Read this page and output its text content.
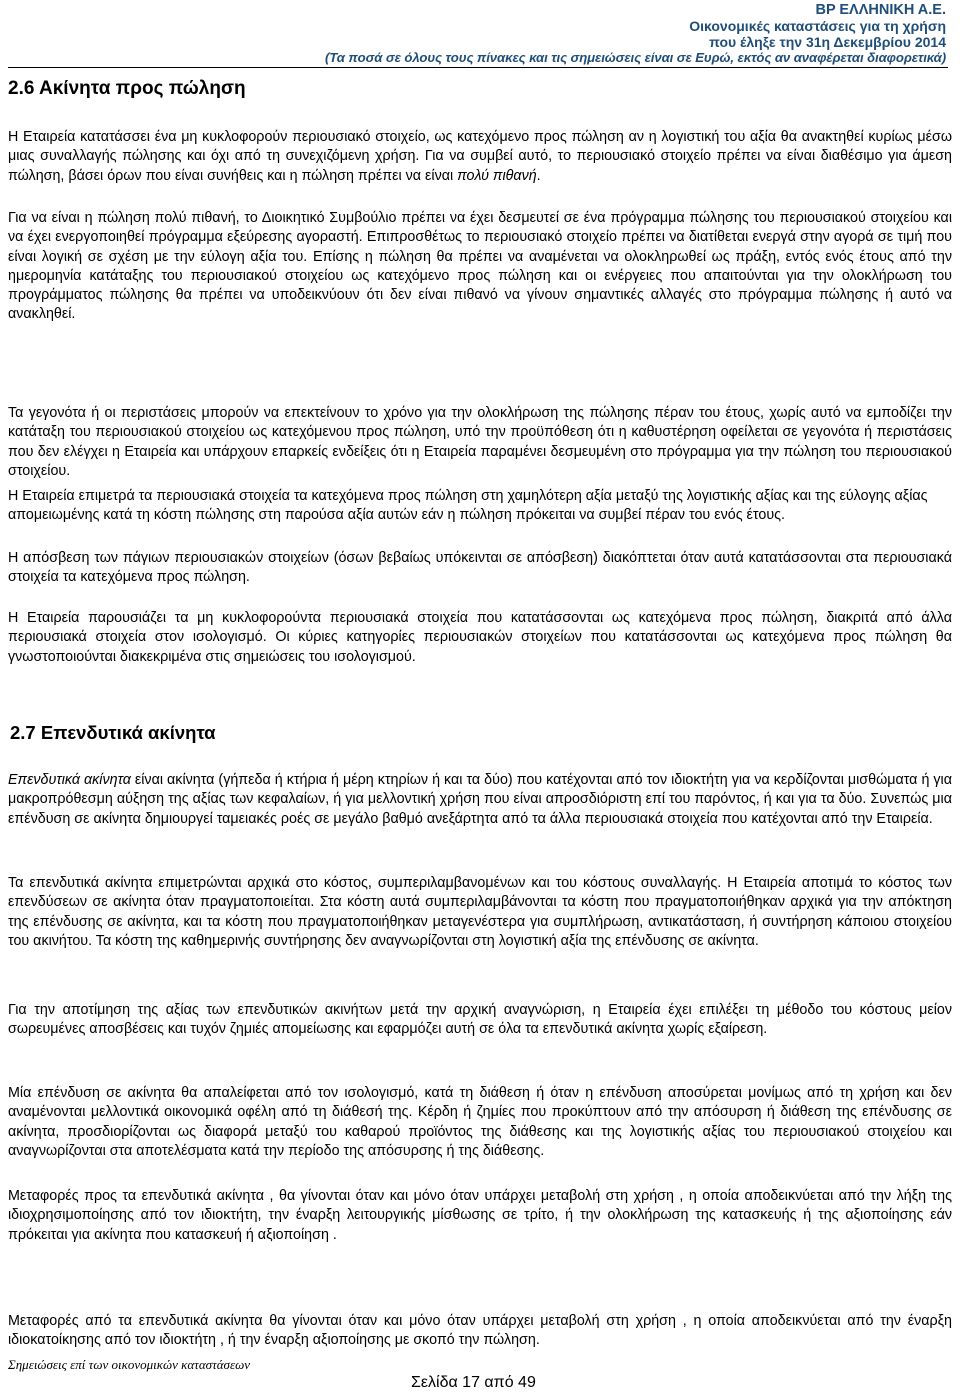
BP ΕΛΛΗΝΙΚΗ Α.Ε.
Οικονομικές καταστάσεις για τη χρήση
που έληξε την 31η Δεκεμβρίου 2014
(Τα ποσά σε όλους τους πίνακες και τις σημειώσεις είναι σε Ευρώ, εκτός αν αναφέρεται διαφορετικά)
2.6 Ακίνητα προς πώληση

Η Εταιρεία κατατάσσει ένα μη κυκλοφορούν περιουσιακό στοιχείο, ως κατεχόμενο προς πώληση αν η λογιστική του αξία θα ανακτηθεί κυρίως μέσω μιας συναλλαγής πώλησης και όχι από τη συνεχιζόμενη χρήση. Για να συμβεί αυτό, το περιουσιακό στοιχείο πρέπει να είναι διαθέσιμο για άμεση πώληση, βάσει όρων που είναι συνήθεις και η πώληση πρέπει να είναι πολύ πιθανή.

Για να είναι η πώληση πολύ πιθανή, το Διοικητικό Συμβούλιο πρέπει να έχει δεσμευτεί σε ένα πρόγραμμα πώλησης του περιουσιακού στοιχείου και να έχει ενεργοποιηθεί πρόγραμμα εξεύρεσης αγοραστή. Επιπροσθέτως το περιουσιακό στοιχείο πρέπει να διατίθεται ενεργά στην αγορά σε τιμή που είναι λογική σε σχέση με την εύλογη αξία του. Επίσης η πώληση θα πρέπει να αναμένεται να ολοκληρωθεί ως πράξη, εντός ενός έτους από την ημερομηνία κατάταξης του περιουσιακού στοιχείου ως κατεχόμενο προς πώληση και οι ενέργειες που απαιτούνται για την ολοκλήρωση του προγράμματος πώλησης θα πρέπει να υποδεικνύουν ότι δεν είναι πιθανό να γίνουν σημαντικές αλλαγές στο πρόγραμμα πώλησης ή αυτό να ανακληθεί.

Τα γεγονότα ή οι περιστάσεις μπορούν να επεκτείνουν το χρόνο για την ολοκλήρωση της πώλησης πέραν του έτους, χωρίς αυτό να εμποδίζει την κατάταξη του περιουσιακού στοιχείου ως κατεχόμενου προς πώληση, υπό την προϋπόθεση ότι η καθυστέρηση οφείλεται σε γεγονότα ή περιστάσεις που δεν ελέγχει η Εταιρεία και υπάρχουν επαρκείς ενδείξεις ότι η Εταιρεία παραμένει δεσμευμένη στο πρόγραμμα για την πώληση του περιουσιακού στοιχείου.

Η Εταιρεία επιμετρά τα περιουσιακά στοιχεία τα κατεχόμενα προς πώληση στη χαμηλότερη αξία μεταξύ της λογιστικής αξίας και της εύλογης αξίας απομειωμένης κατά τη κόστη πώλησης στη παρούσα αξία αυτών εάν η πώληση πρόκειται να συμβεί πέραν του ενός έτους.

Η απόσβεση των πάγιων περιουσιακών στοιχείων (όσων βεβαίως υπόκεινται σε απόσβεση) διακόπτεται όταν αυτά κατατάσσονται στα περιουσιακά στοιχεία τα κατεχόμενα προς πώληση.

Η Εταιρεία παρουσιάζει τα μη κυκλοφορούντα περιουσιακά στοιχεία που κατατάσσονται ως κατεχόμενα προς πώληση, διακριτά από άλλα περιουσιακά στοιχεία στον ισολογισμό. Οι κύριες κατηγορίες περιουσιακών στοιχείων που κατατάσσονται ως κατεχόμενα προς πώληση θα γνωστοποιούνται διακεκριμένα στις σημειώσεις του ισολογισμού.

2.7 Επενδυτικά ακίνητα

Επενδυτικά ακίνητα είναι ακίνητα (γήπεδα ή κτήρια ή μέρη κτηρίων ή και τα δύο) που κατέχονται από τον ιδιοκτήτη για να κερδίζονται μισθώματα ή για μακροπρόθεσμη αύξηση της αξίας των κεφαλαίων, ή για μελλοντική χρήση που είναι απροσδιόριστη επί του παρόντος, ή και για τα δύο. Συνεπώς μια επένδυση σε ακίνητα δημιουργεί ταμειακές ροές σε μεγάλο βαθμό ανεξάρτητα από τα άλλα περιουσιακά στοιχεία που κατέχονται από την Εταιρεία.

Τα επενδυτικά ακίνητα επιμετρώνται αρχικά στο κόστος, συμπεριλαμβανομένων και του κόστους συναλλαγής. Η Εταιρεία αποτιμά το κόστος των επενδύσεων σε ακίνητα όταν πραγματοποιείται. Στα κόστη αυτά συμπεριλαμβάνονται τα κόστη που πραγματοποιήθηκαν αρχικά για την απόκτηση της επένδυσης σε ακίνητα, και τα κόστη που πραγματοποιήθηκαν μεταγενέστερα για συμπλήρωση, αντικατάσταση, ή συντήρηση κάποιου στοιχείου του ακινήτου. Τα κόστη της καθημερινής συντήρησης δεν αναγνωρίζονται στη λογιστική αξία της επένδυσης σε ακίνητα.

Για την αποτίμηση της αξίας των επενδυτικών ακινήτων μετά την αρχική αναγνώριση, η Εταιρεία έχει επιλέξει τη μέθοδο του κόστους μείον σωρευμένες αποσβέσεις και τυχόν ζημιές απομείωσης και εφαρμόζει αυτή σε όλα τα επενδυτικά ακίνητα χωρίς εξαίρεση.

Μία επένδυση σε ακίνητα θα απαλείφεται από τον ισολογισμό, κατά τη διάθεση ή όταν η επένδυση αποσύρεται μονίμως από τη χρήση και δεν αναμένονται μελλοντικά οικονομικά οφέλη από τη διάθεσή της. Κέρδη ή ζημίες που προκύπτουν από την απόσυρση ή διάθεση της επένδυσης σε ακίνητα, προσδιορίζονται ως διαφορά μεταξύ του καθαρού προϊόντος της διάθεσης και της λογιστικής αξίας του περιουσιακού στοιχείου και αναγνωρίζονται στα αποτελέσματα κατά την περίοδο της απόσυρσης ή της διάθεσης.

Μεταφορές προς τα επενδυτικά ακίνητα , θα γίνονται όταν και μόνο όταν υπάρχει μεταβολή στη χρήση , η οποία αποδεικνύεται από την λήξη της ιδιοχρησιμοποίησης από τον ιδιοκτήτη, την έναρξη λειτουργικής μίσθωσης σε τρίτο, ή την ολοκλήρωση της κατασκευής ή της αξιοποίησης εάν πρόκειται για ακίνητα που κατασκευή ή αξιοποίηση .

Μεταφορές από τα επενδυτικά ακίνητα θα γίνονται όταν και μόνο όταν υπάρχει μεταβολή στη χρήση , η οποία αποδεικνύεται από την έναρξη ιδιοκατοίκησης από τον ιδιοκτήτη , ή την έναρξη αξιοποίησης με σκοπό την πώληση.

Σημειώσεις επί των οικονομικών καταστάσεων
Σελίδα 17 από 49
